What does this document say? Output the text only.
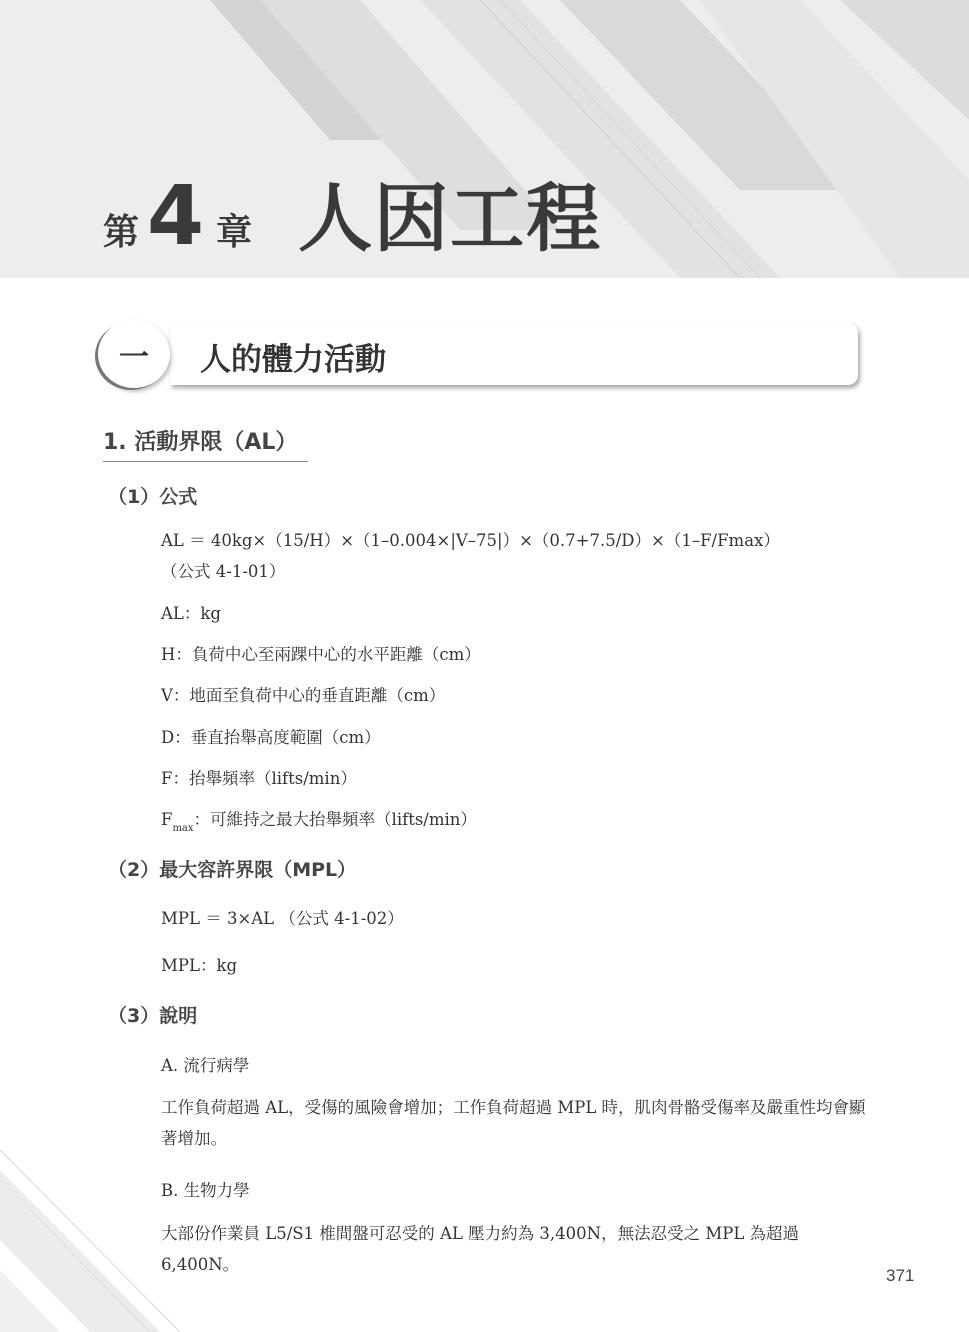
第 4 章 人因工程
一	人的體力活動
1. 活動界限（AL）
（1）公式
AL ＝ 40kg×（15/H）×（1–0.004×|V–75|）×（0.7+7.5/D）×（1–F/Fmax）
（公式 4-1-01）
AL：kg
H：負荷中心至兩踝中心的水平距離（cm）
V：地面至負荷中心的垂直距離（cm）
D：垂直抬舉高度範圍（cm）
F：抬舉頻率（lifts/min）
$F_{max}$：可維持之最大抬舉頻率（lifts/min）
（2）最大容許界限（MPL）
MPL ＝ 3×AL （公式 4-1-02）
MPL：kg
（3）說明
A. 流行病學
工作負荷超過 AL，受傷的風險會增加；工作負荷超過 MPL 時，肌肉骨骼受傷率及嚴重性均會顯著增加。
B. 生物力學
大部份作業員 L5/S1 椎間盤可忍受的 AL 壓力約為 3,400N，無法忍受之 MPL 為超過 6,400N。
371
